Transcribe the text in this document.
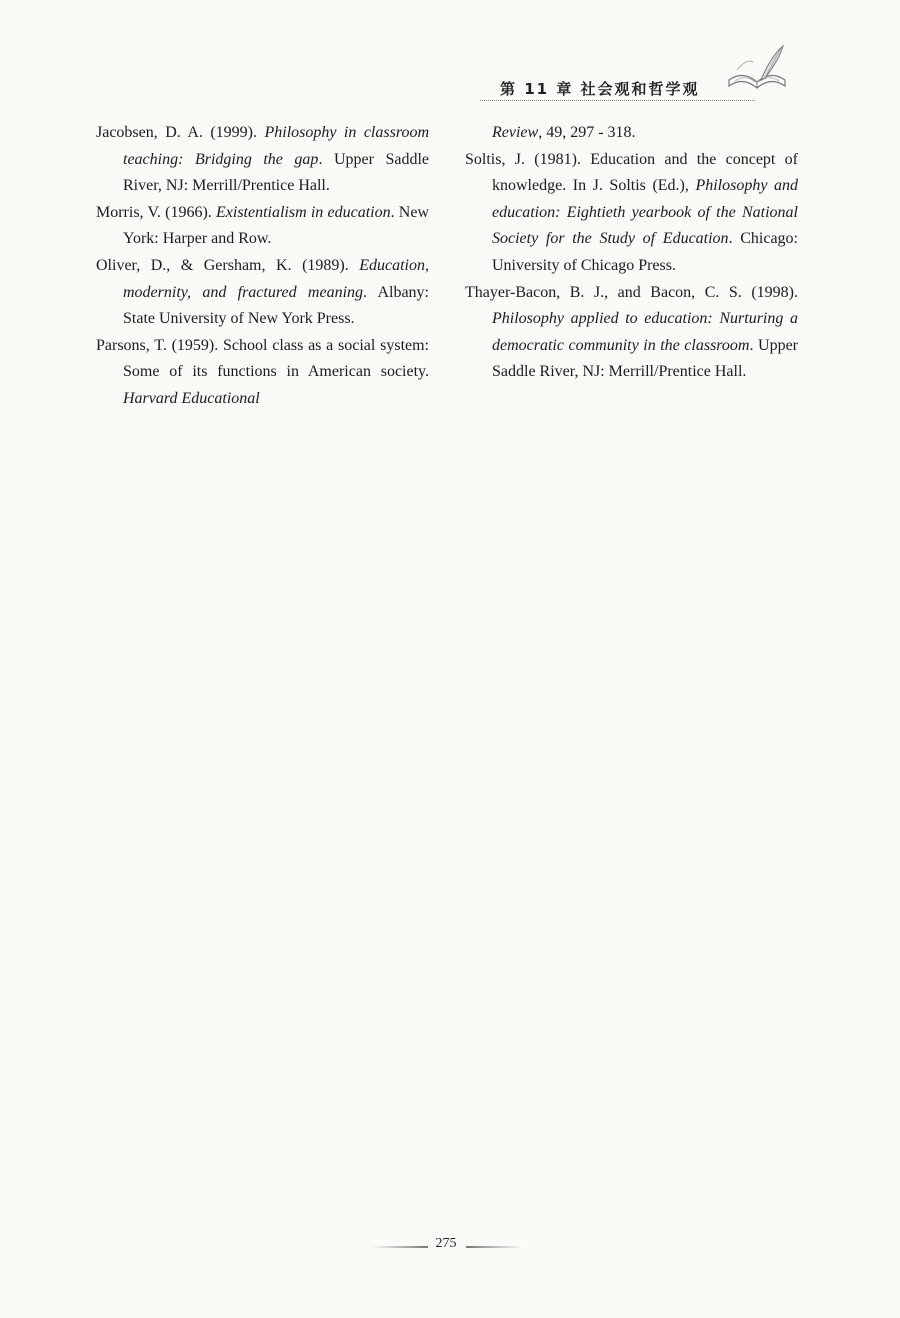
第 11 章 社会观和哲学观

Jacobsen, D. A. (1999). Philosophy in classroom teaching: Bridging the gap. Upper Saddle River, NJ: Merrill/Prentice Hall.

Morris, V. (1966). Existentialism in education. New York: Harper and Row.

Oliver, D., & Gersham, K. (1989). Education, modernity, and fractured meaning. Albany: State University of New York Press.

Parsons, T. (1959). School class as a social system: Some of its functions in American society. Harvard Educational

Review, 49, 297 - 318.

Soltis, J. (1981). Education and the concept of knowledge. In J. Soltis (Ed.), Philosophy and education: Eightieth yearbook of the National Society for the Study of Education. Chicago: University of Chicago Press.

Thayer-Bacon, B. J., and Bacon, C. S. (1998). Philosophy applied to education: Nurturing a democratic community in the classroom. Upper Saddle River, NJ: Merrill/Prentice Hall.

275
